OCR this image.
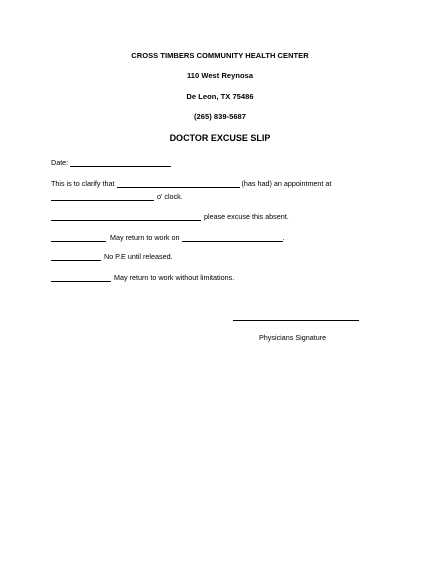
CROSS TIMBERS COMMUNITY HEALTH CENTER
110 West Reynosa
De Leon, TX 75486
(265) 839-5687
DOCTOR EXCUSE SLIP
Date:
This is to clarify that	(has had) an appointment at
o' clock.
please excuse this absent.
May return to work on	.
No P.E until released.
May return to work without limitations.
Physicians Signature
